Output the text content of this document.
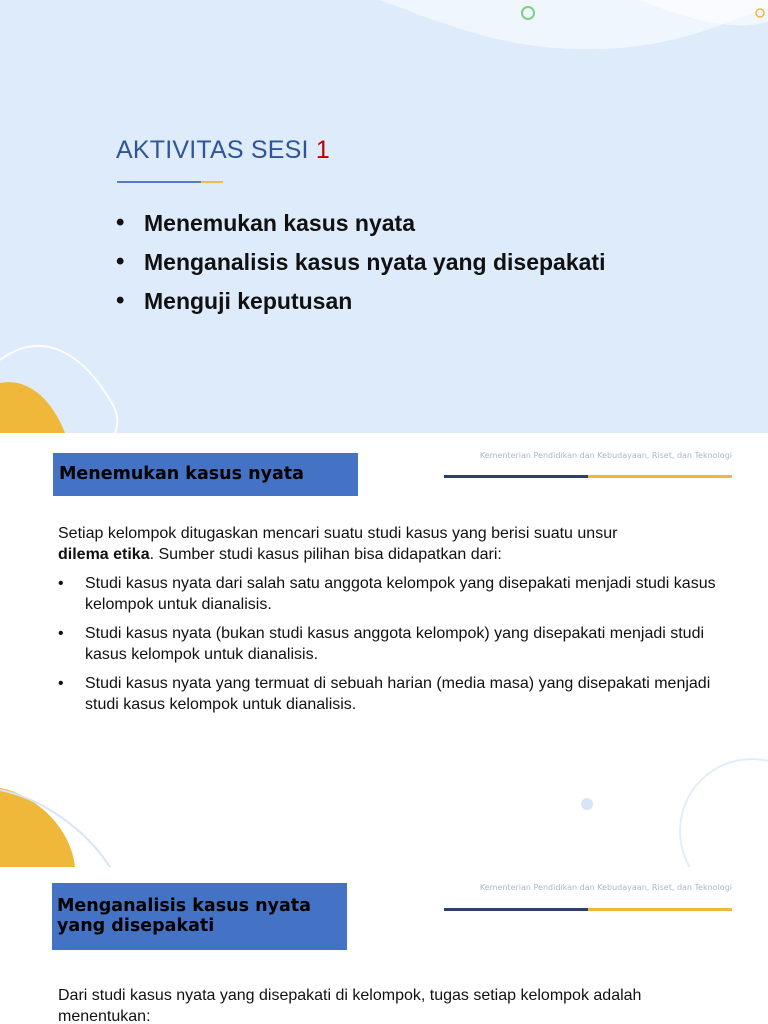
AKTIVITAS SESI 1
• Menemukan kasus nyata
• Menganalisis kasus nyata yang disepakati
• Menguji keputusan
Kementerian Pendidikan dan Kebudayaan, Riset, dan Teknologi
Menemukan kasus nyata
Setiap kelompok ditugaskan mencari suatu studi kasus yang berisi suatu unsur
dilema etika. Sumber studi kasus pilihan bisa didapatkan dari:
• Studi kasus nyata dari salah satu anggota kelompok yang disepakati menjadi studi kasus kelompok untuk dianalisis.
• Studi kasus nyata (bukan studi kasus anggota kelompok) yang disepakati menjadi studi kasus kelompok untuk dianalisis.
• Studi kasus nyata yang termuat di sebuah harian (media masa) yang disepakati menjadi studi kasus kelompok untuk dianalisis.
Kementerian Pendidikan dan Kebudayaan, Riset, dan Teknologi
Menganalisis kasus nyata yang disepakati
Dari studi kasus nyata yang disepakati di kelompok, tugas setiap kelompok adalah menentukan:
